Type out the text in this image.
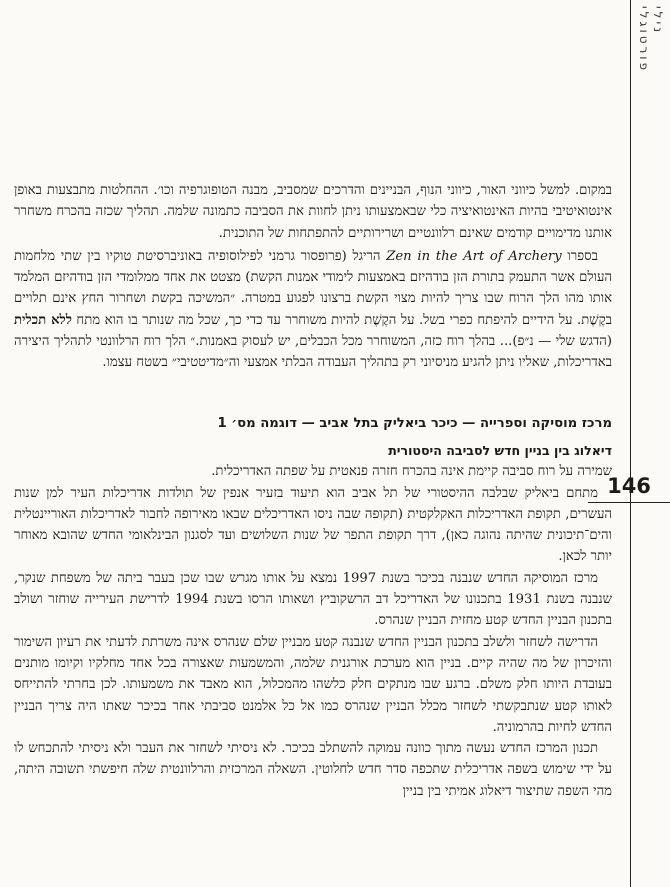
נילי פורטוגלי
146

במקום. למשל כיווני האור, כיווני הנוף, הבניינים והדרכים שמסביב, מבנה הטופוגרפיה וכו׳. ההחלטות מתבצעות באופן אינטואיטיבי בהיות האינטואיציה כלי שבאמצעותו ניתן לחוות את הסביבה כתמונה שלמה. תהליך שכזה בהכרח משחרר אותנו מדימויים קודמים שאינם רלוונטיים ושרירותיים להתפתחות של התוכנית.

בספרו Zen in the Art of Archery הריגל (פרופסור גרמני לפילוסופיה באוניברסיטת טוקיו בין שתי מלחמות העולם אשר התעמק בתורת הזן בודהיזם באמצעות לימודי אמנות הקשת) מצטט את אחד ממלומדי הזן בודהיזם המלמד אותו מהו הלך הרוח שבו צריך להיות מצוי הקשת ברצונו לפגוע במטרה. ״המשיכה בקשת ושחרור החץ אינם תלויים בקֶשֶׁת. על הידיים להיפתח כפרי בשל. על הקֶשֶׁת להיות משוחרר עד כדי כך, שכל מה שנותר בו הוא מתח ללא תכלית (הדגש שלי — נ״פ)... בהלך רוח כזה, המשוחרר מכל הכבלים, יש לעסוק באמנות.״ הלך רוח הרלוונטי לתהליך היצירה באדריכלות, שאליו ניתן להגיע מניסיוני רק בתהליך העבודה הבלתי אמצעי וה״מדיטטיבי״ בשטח עצמו.

מרכז מוסיקה וספרייה — כיכר ביאליק בתל אביב — דוגמה מס׳ 1
דיאלוג בין בניין חדש לסביבה היסטורית

שמירה על רוח סביבה קיימת אינה בהכרח חזרה פנאטית על שפתה האדריכלית.

מתחם ביאליק שבלבה ההיסטורי של תל אביב הוא תיעוד בזעיר אנפין של תולדות אדריכלות העיר למן שנות העשרים, תקופת האדריכלות האקלקטית (תקופה שבה ניסו האדריכלים שבאו מאירופה לחבור לאדריכלות האוריינטלית והים־תיכונית שהיתה נהוגה כאן), דרך תקופת התפר של שנות השלושים ועד לסגנון הבינלאומי החדש שהובא מאוחר יותר לכאן.

מרכז המוסיקה החדש שנבנה בכיכר בשנת 1997 נמצא על אותו מגרש שבו שכן בעבר ביתה של משפחת שנקר, שנבנה בשנת 1931 בתכנונו של האדריכל דב הרשקוביץ ושאותו הרסו בשנת 1994 לדרישת העירייה שוחזר ושולב בתכנון הבניין החדש קטע מחזית הבניין שנהרס.

הדרישה לשחזר ולשלב בתכנון הבניין החדש שנבנה קטע מבניין שלם שנהרס אינה משרתת לדעתי את רעיון השימור והזיכרון של מה שהיה קיים. בניין הוא מערכת אורגנית שלמה, והמשמעות שאצורה בכל אחד מחלקיו וקיומו מותנים בעובדת היותו חלק משלם. ברגע שבו מנתקים חלק כלשהו מהמכלול, הוא מאבד את משמעותו. לכן בחרתי להתייחס לאותו קטע שנתבקשתי לשחזר מכלל הבניין שנהרס כמו אל כל אלמנט סביבתי אחר בכיכר שאתו היה צריך הבניין החדש לחיות בהרמוניה.

תכנון המרכז החדש נעשה מתוך כוונה עמוקה להשתלב בכיכר. לא ניסיתי לשחזר את העבר ולא ניסיתי להתכחש לו על ידי שימוש בשפה אדריכלית שתכפה סדר חדש לחלוטין. השאלה המרכזית והרלוונטית שלה חיפשתי תשובה היתה, מהי השפה שתיצור דיאלוג אמיתי בין בניין
